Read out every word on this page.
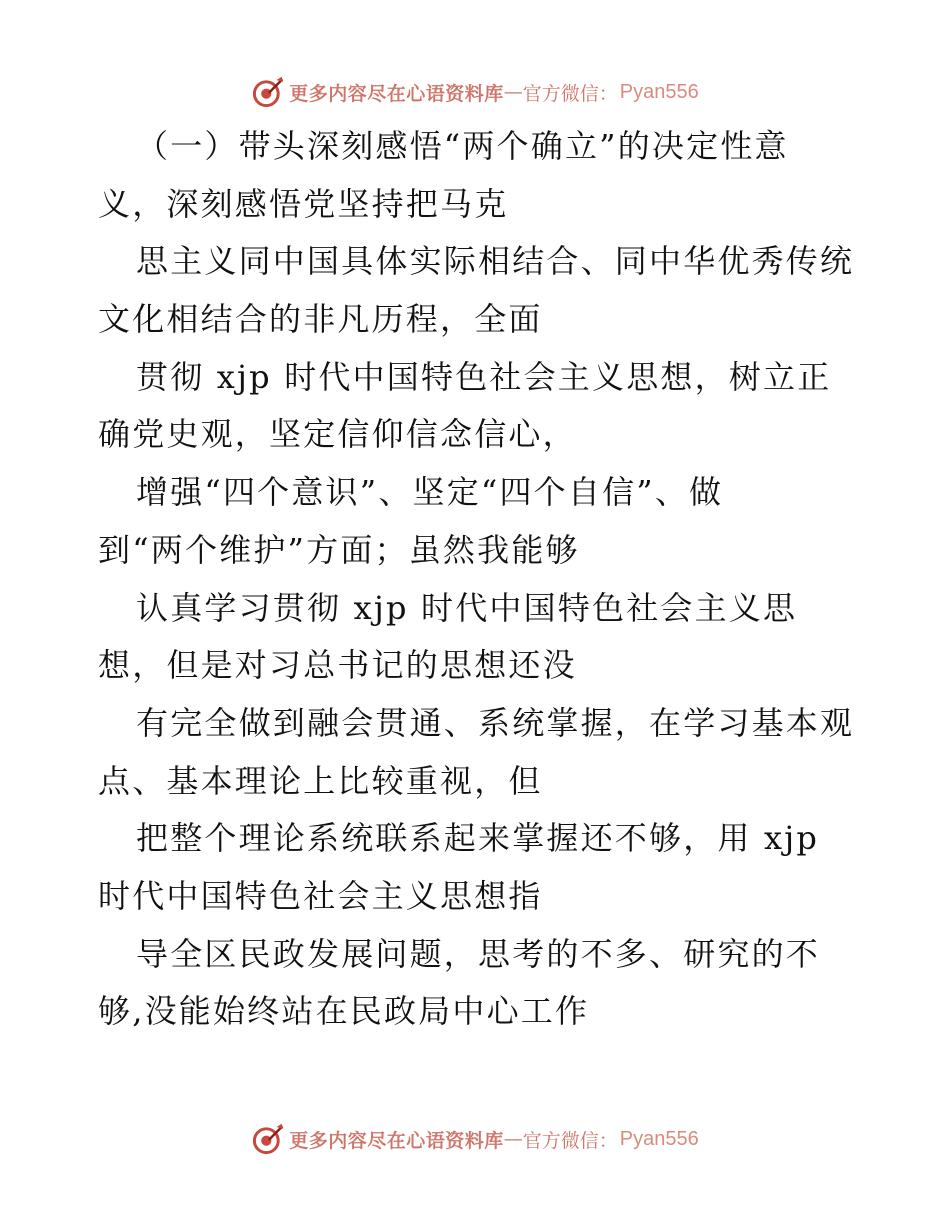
更多内容尽在心语资料库 — 官方微信： Pyan556
（一）带头深刻感悟“两个确立”的决定性意
义，深刻感悟党坚持把马克
思主义同中国具体实际相结合、同中华优秀传统
文化相结合的非凡历程，全面
贯彻 xjp 时代中国特色社会主义思想，树立正
确党史观，坚定信仰信念信心，
增强“四个意识”、坚定“四个自信”、做
到“两个维护”方面；虽然我能够
认真学习贯彻 xjp 时代中国特色社会主义思
想，但是对习总书记的思想还没
有完全做到融会贯通、系统掌握，在学习基本观
点、基本理论上比较重视，但
把整个理论系统联系起来掌握还不够，用 xjp
时代中国特色社会主义思想指
导全区民政发展问题，思考的不多、研究的不
够,没能始终站在民政局中心工作
更多内容尽在心语资料库 — 官方微信： Pyan556
